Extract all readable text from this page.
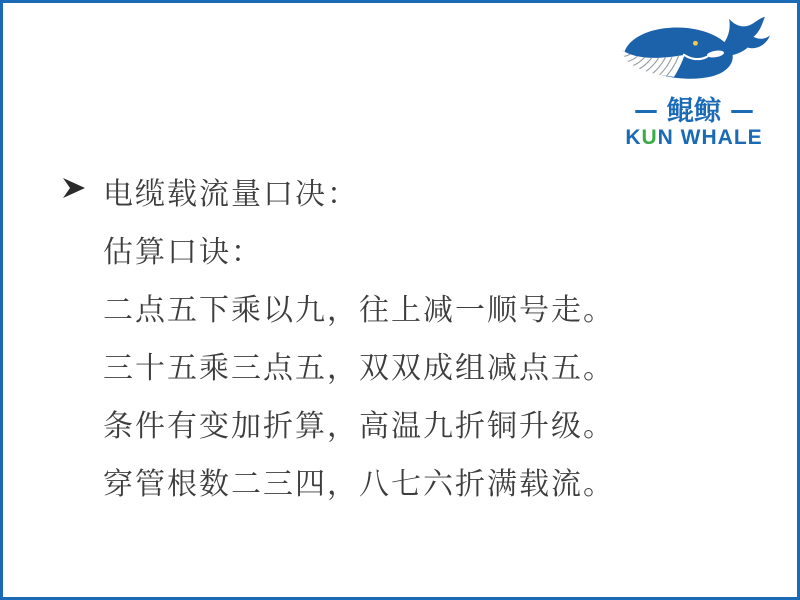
— 鲲鲸 —
KUN WHALE
电缆载流量口决：
估算口诀：
二点五下乘以九，往上减一顺号走。
三十五乘三点五，双双成组减点五。
条件有变加折算，高温九折铜升级。
穿管根数二三四，八七六折满载流。
